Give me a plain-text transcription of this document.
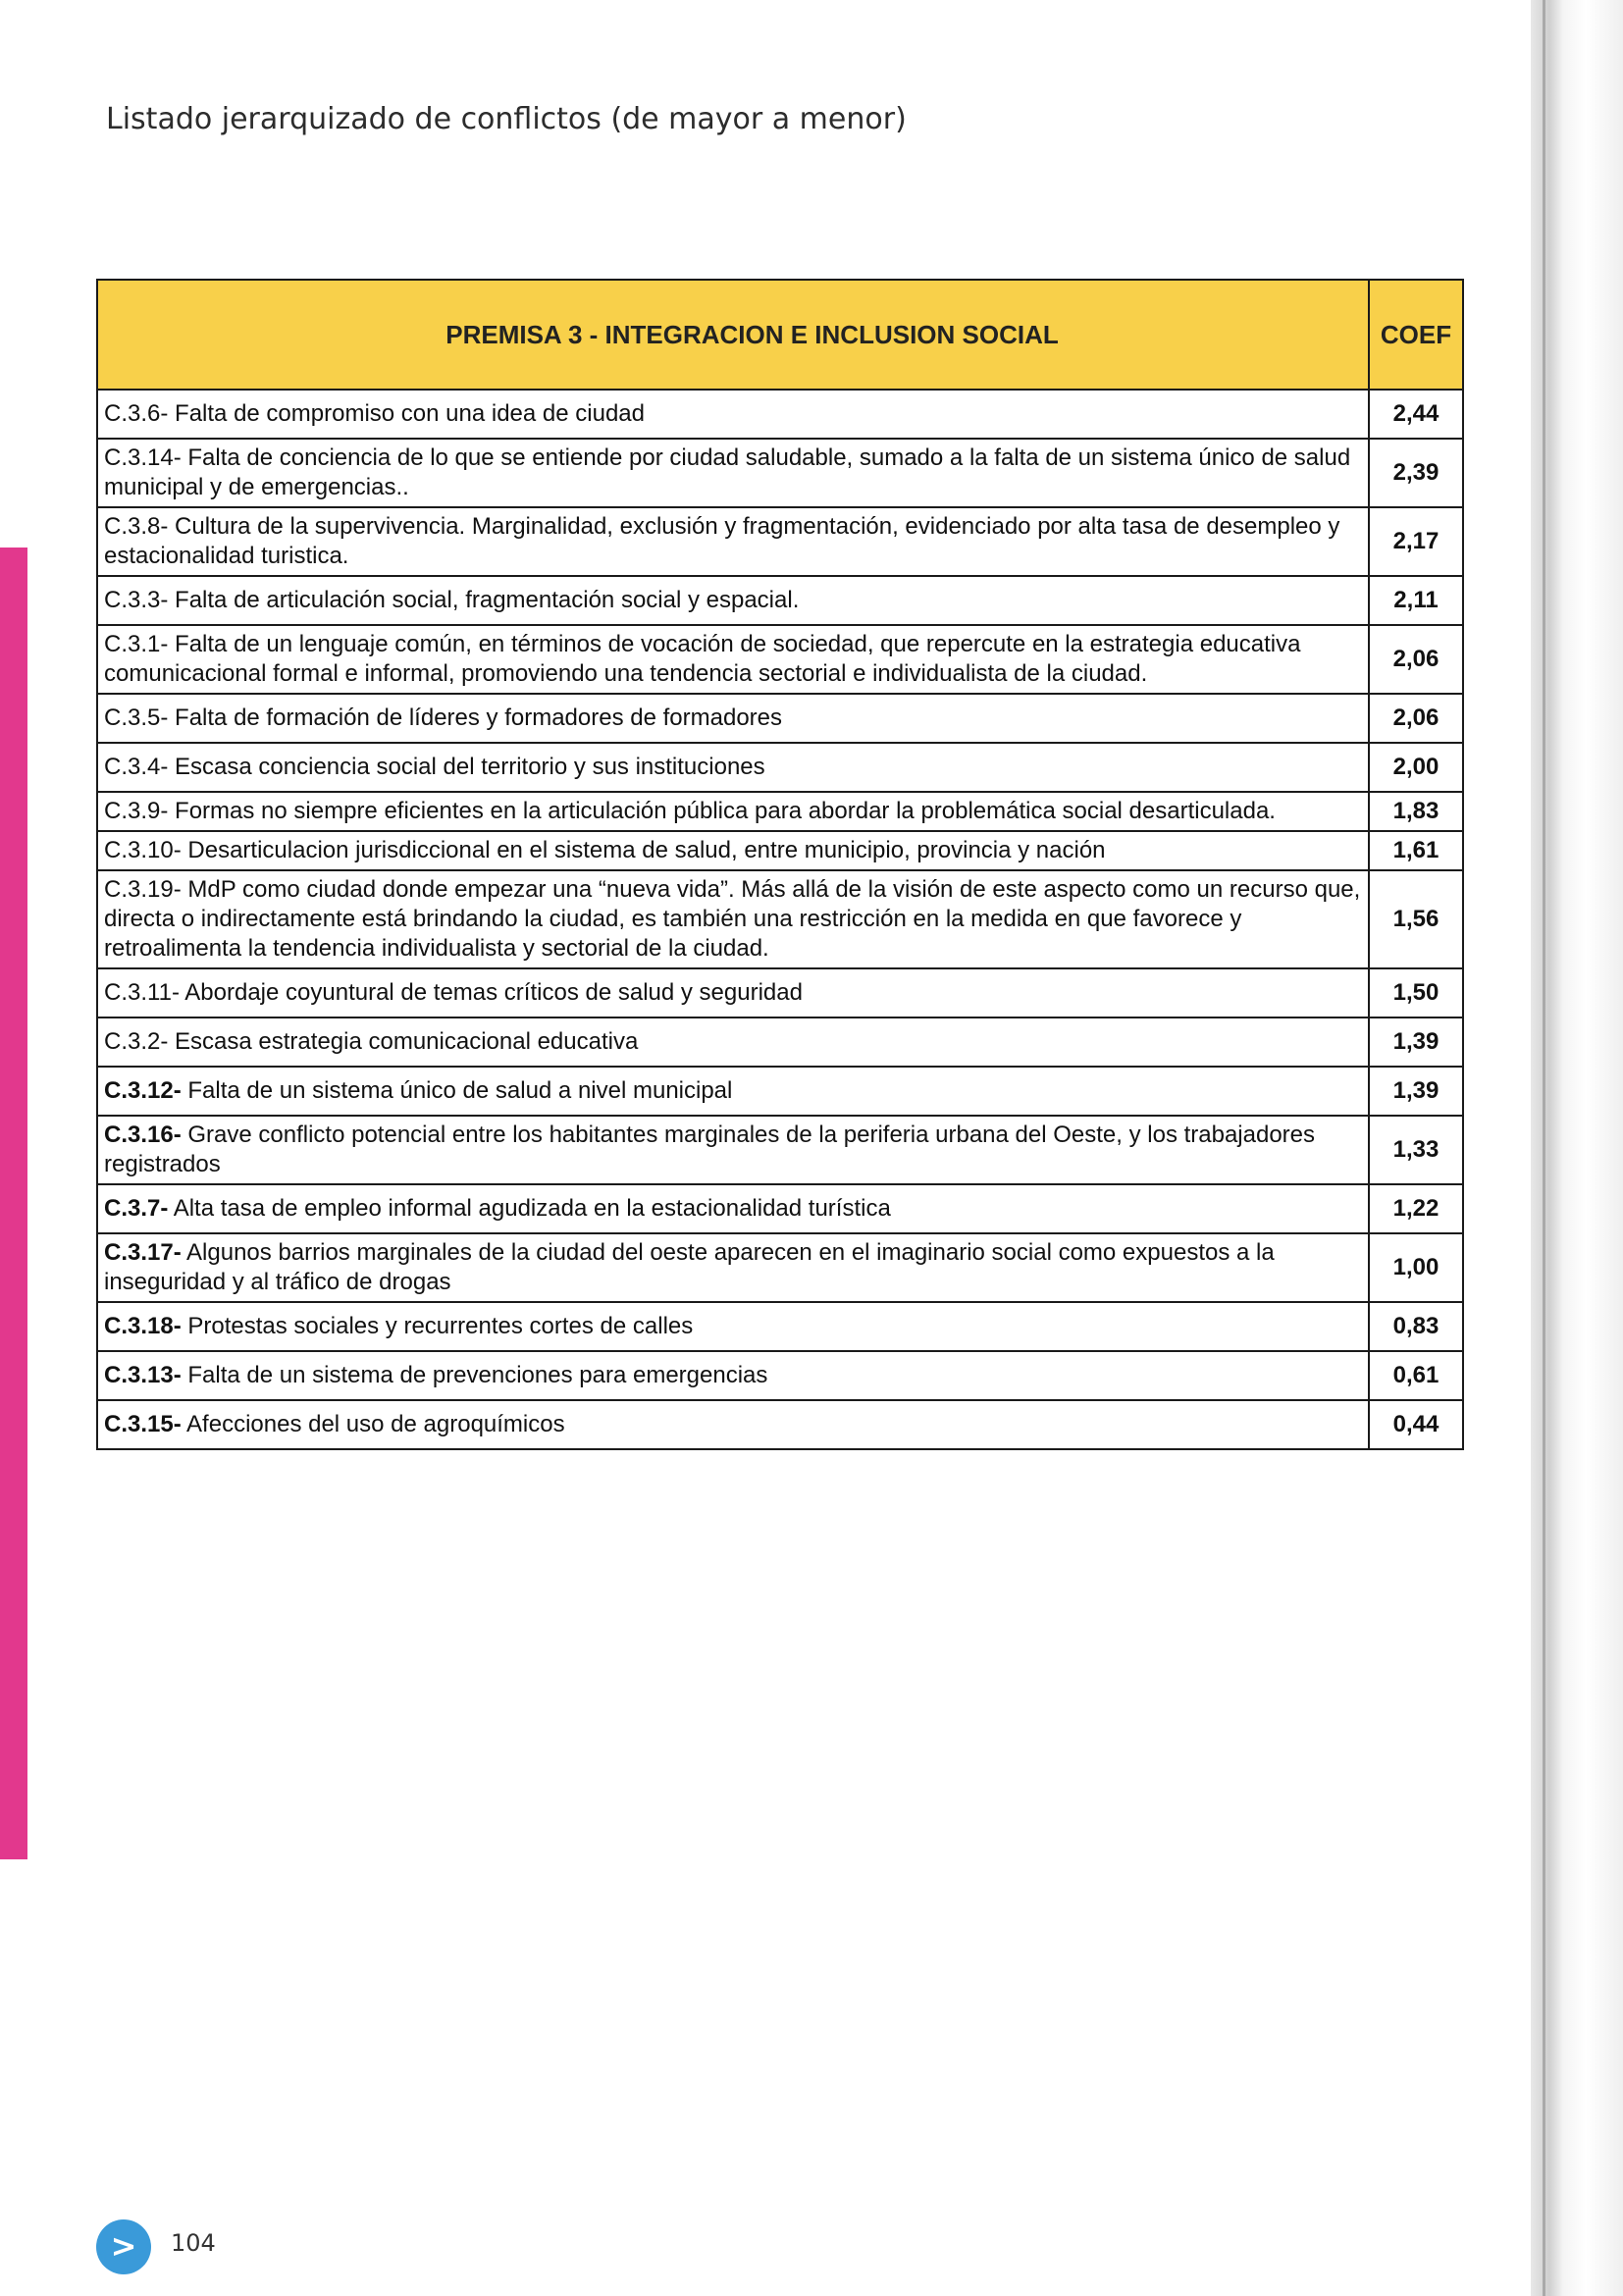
Listado jerarquizado de conflictos (de mayor a menor)
PREMISA 3 - INTEGRACION E INCLUSION SOCIAL	COEF
C.3.6- Falta de compromiso con una idea de ciudad	2,44
C.3.14- Falta de conciencia de lo que se entiende por ciudad saludable, sumado a la falta de un sistema único de salud municipal y de emergencias..	2,39
C.3.8- Cultura de la supervivencia. Marginalidad, exclusión y fragmentación, evidenciado por alta tasa de desempleo y estacionalidad turistica.	2,17
C.3.3- Falta de articulación social, fragmentación social y espacial.	2,11
C.3.1- Falta de un lenguaje común, en términos de vocación de sociedad, que repercute en la estrategia educativa comunicacional formal e informal, promoviendo una tendencia sectorial e individualista de la ciudad.	2,06
C.3.5- Falta de formación de líderes y formadores de formadores	2,06
C.3.4- Escasa conciencia social del territorio y sus instituciones	2,00
C.3.9- Formas no siempre eficientes en la articulación pública para abordar la problemática social desarticulada.	1,83
C.3.10- Desarticulacion jurisdiccional en el sistema de salud, entre municipio, provincia y nación	1,61
C.3.19- MdP como ciudad donde empezar una “nueva vida”. Más allá de la visión de este aspecto como un recurso que, directa o indirectamente está brindando la ciudad, es también una restricción en la medida en que favorece y retroalimenta la tendencia individualista y sectorial de la ciudad.	1,56
C.3.11- Abordaje coyuntural de temas críticos de salud y seguridad	1,50
C.3.2- Escasa estrategia comunicacional educativa	1,39
C.3.12- Falta de un sistema único de salud a nivel municipal	1,39
C.3.16- Grave conflicto potencial entre los habitantes marginales de la periferia urbana del Oeste, y los trabajadores registrados	1,33
C.3.7- Alta tasa de empleo informal agudizada en la estacionalidad turística	1,22
C.3.17- Algunos barrios marginales de la ciudad del oeste aparecen en el imaginario social como expuestos a la inseguridad y al tráfico de drogas	1,00
C.3.18- Protestas sociales y recurrentes cortes de calles	0,83
C.3.13- Falta de un sistema de prevenciones para emergencias	0,61
C.3.15- Afecciones del uso de agroquímicos	0,44
>	104
